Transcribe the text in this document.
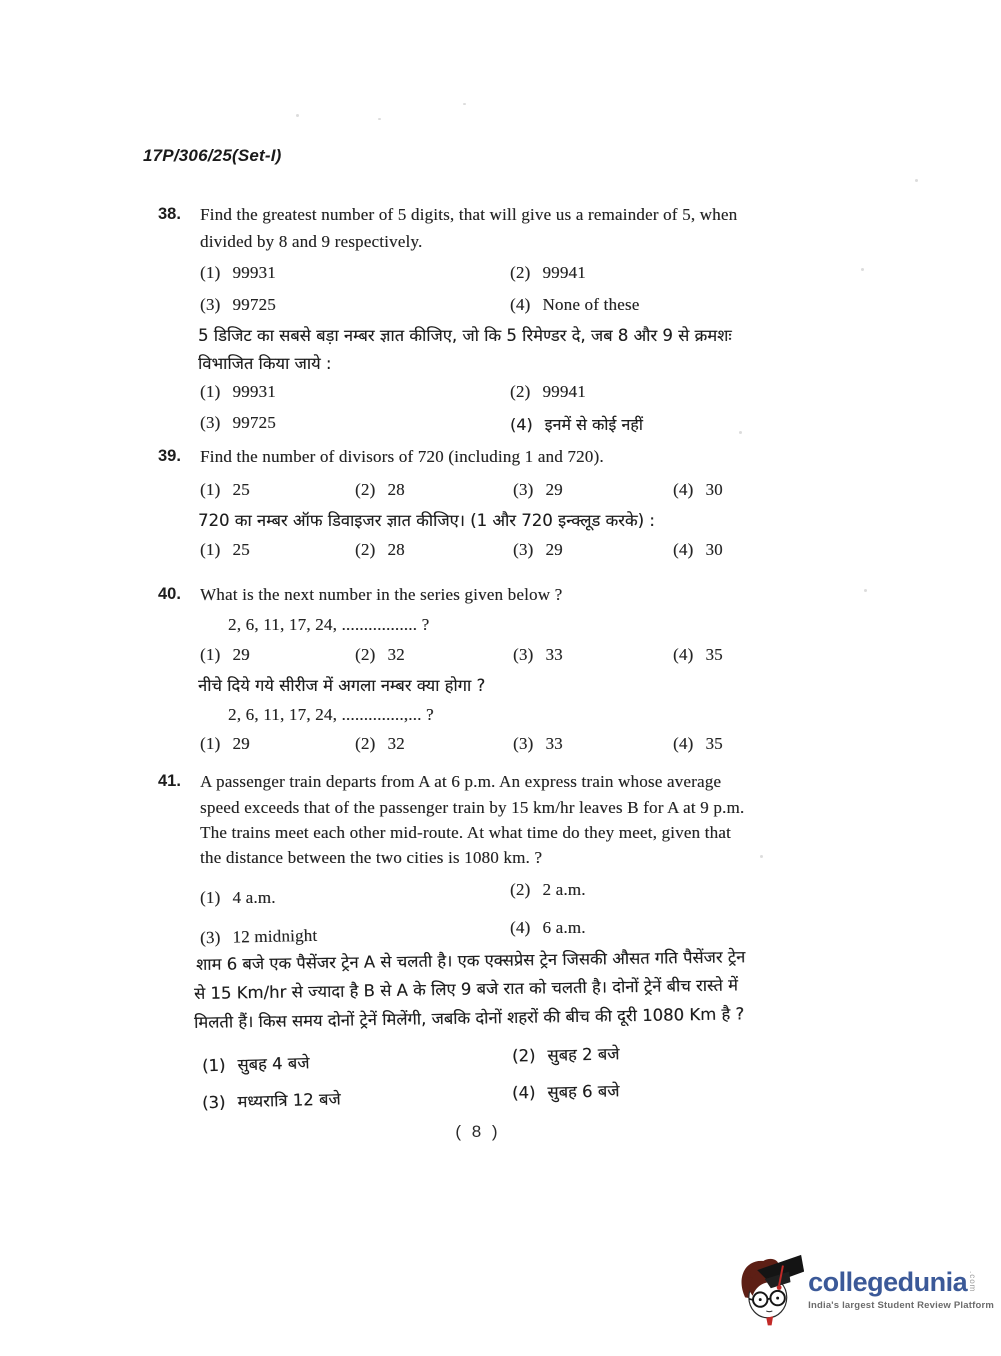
17P/306/25(Set-I)
38. Find the greatest number of 5 digits, that will give us a remainder of 5, when
divided by 8 and 9 respectively.
(1) 99931	(2) 99941
(3) 99725	(4) None of these
5 डिजिट का सबसे बड़ा नम्बर ज्ञात कीजिए, जो कि 5 रिमेण्डर दे, जब 8 और 9 से क्रमशः
विभाजित किया जाये :
(1) 99931	(2) 99941
(3) 99725	(4) इनमें से कोई नहीं
39. Find the number of divisors of 720 (including 1 and 720).
(1) 25	(2) 28	(3) 29	(4) 30
720 का नम्बर ऑफ डिवाइजर ज्ञात कीजिए। (1 और 720 इन्क्लूड करके) :
(1) 25	(2) 28	(3) 29	(4) 30
40. What is the next number in the series given below ?
2, 6, 11, 17, 24, ................. ?
(1) 29	(2) 32	(3) 33	(4) 35
नीचे दिये गये सीरीज में अगला नम्बर क्या होगा ?
2, 6, 11, 17, 24, ..............,... ?
(1) 29	(2) 32	(3) 33	(4) 35
41. A passenger train departs from A at 6 p.m. An express train whose average
speed exceeds that of the passenger train by 15 km/hr leaves B for A at 9 p.m.
The trains meet each other mid-route. At what time do they meet, given that
the distance between the two cities is 1080 km. ?
(1) 4 a.m.	(2) 2 a.m.
(3) 12 midnight	(4) 6 a.m.
शाम 6 बजे एक पैसेंजर ट्रेन A से चलती है। एक एक्सप्रेस ट्रेन जिसकी औसत गति पैसेंजर ट्रेन
से 15 Km/hr से ज्यादा है B से A के लिए 9 बजे रात को चलती है। दोनों ट्रेनें बीच रास्ते में
मिलती हैं। किस समय दोनों ट्रेनें मिलेंगी, जबकि दोनों शहरों की बीच की दूरी 1080 Km है ?
(1) सुबह 4 बजे	(2) सुबह 2 बजे
(3) मध्यरात्रि 12 बजे	(4) सुबह 6 बजे
( 8 )
collegedunia .com
India's largest Student Review Platform
